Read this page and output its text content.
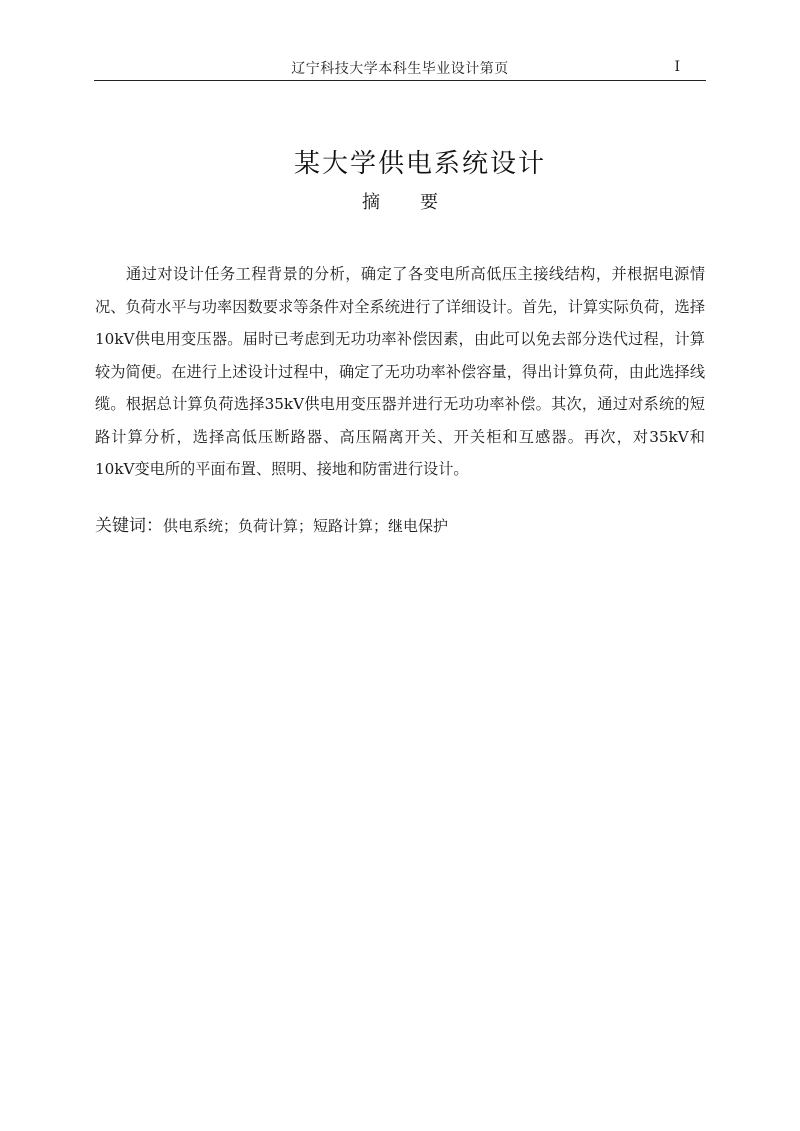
辽宁科技大学本科生毕业设计第页	I
某大学供电系统设计
摘 要

通过对设计任务工程背景的分析，确定了各变电所高低压主接线结构，并根据电源情况、负荷水平与功率因数要求等条件对全系统进行了详细设计。首先，计算实际负荷，选择10kV供电用变压器。届时已考虑到无功功率补偿因素，由此可以免去部分迭代过程，计算较为简便。在进行上述设计过程中，确定了无功功率补偿容量，得出计算负荷，由此选择线缆。根据总计算负荷选择35kV供电用变压器并进行无功功率补偿。其次，通过对系统的短路计算分析，选择高低压断路器、高压隔离开关、开关柜和互感器。再次，对35kV和10kV变电所的平面布置、照明、接地和防雷进行设计。

关键词：供电系统；负荷计算；短路计算；继电保护
